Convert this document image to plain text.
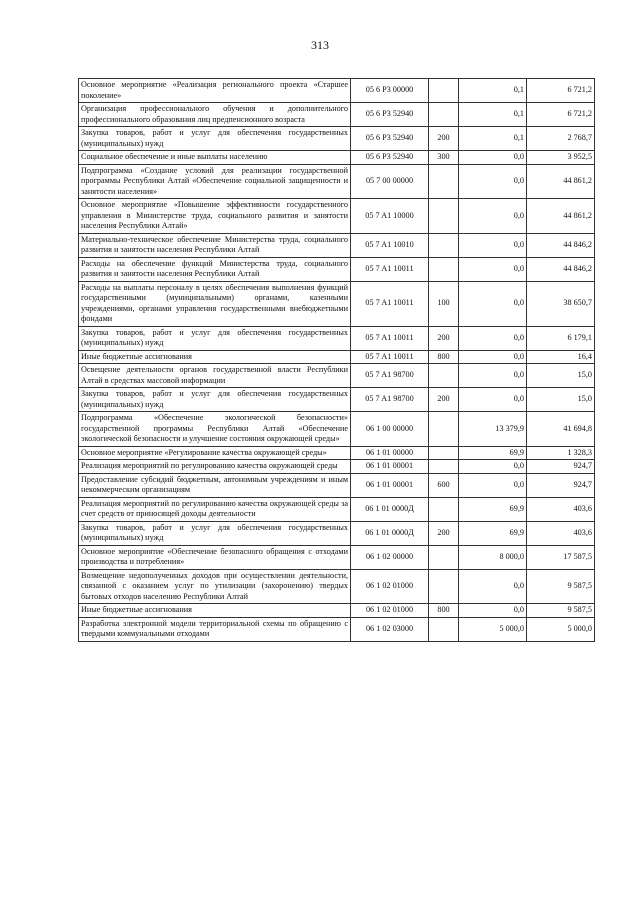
313
Основное мероприятие «Реализация регионального проекта «Старшее поколение»	05 6 P3 00000		0,1	6 721,2
Организация профессионального обучения и дополнительного профессионального образования лиц предпенсионного возраста	05 6 P3 52940		0,1	6 721,2
Закупка товаров, работ и услуг для обеспечения государственных (муниципальных) нужд	05 6 P3 52940	200	0,1	2 768,7
Социальное обеспечение и иные выплаты населению	05 6 P3 52940	300	0,0	3 952,5
Подпрограмма «Создание условий для реализации государственной программы Республики Алтай «Обеспечение социальной защищенности и занятости населения»	05 7 00 00000		0,0	44 861,2
Основное мероприятие «Повышение эффективности государственного управления в Министерстве труда, социального развития и занятости населения Республики Алтай»	05 7 A1 10000		0,0	44 861,2
Материально-техническое обеспечение Министерства труда, социального развития и занятости населения Республики Алтай	05 7 A1 10010		0,0	44 846,2
Расходы на обеспечение функций Министерства труда, социального развития и занятости населения Республики Алтай	05 7 A1 10011		0,0	44 846,2
Расходы на выплаты персоналу в целях обеспечения выполнения функций государственными (муниципальными) органами, казенными учреждениями, органами управления государственными внебюджетными фондами	05 7 A1 10011	100	0,0	38 650,7
Закупка товаров, работ и услуг для обеспечения государственных (муниципальных) нужд	05 7 A1 10011	200	0,0	6 179,1
Иные бюджетные ассигнования	05 7 A1 10011	800	0,0	16,4
Освещение деятельности органов государственной власти Республики Алтай в средствах массовой информации	05 7 A1 98700		0,0	15,0
Закупка товаров, работ и услуг для обеспечения государственных (муниципальных) нужд	05 7 A1 98700	200	0,0	15,0
Подпрограмма «Обеспечение экологической безопасности» государственной программы Республики Алтай «Обеспечение экологической безопасности и улучшение состояния окружающей среды»	06 1 00 00000		13 379,9	41 694,8
Основное мероприятие «Регулирование качества окружающей среды»	06 1 01 00000		69,9	1 328,3
Реализация мероприятий по регулированию качества окружающей среды	06 1 01 00001		0,0	924,7
Предоставление субсидий бюджетным, автономным учреждениям и иным некоммерческим организациям	06 1 01 00001	600	0,0	924,7
Реализация мероприятий по регулированию качества окружающей среды за счет средств от приносящей доходы деятельности	06 1 01 0000Д		69,9	403,6
Закупка товаров, работ и услуг для обеспечения государственных (муниципальных) нужд	06 1 01 0000Д	200	69,9	403,6
Основное мероприятие «Обеспечение безопасного обращения с отходами производства и потребления»	06 1 02 00000		8 000,0	17 587,5
Возмещение недополученных доходов при осуществлении деятельности, связанной с оказанием услуг по утилизации (захоронению) твердых бытовых отходов населению Республики Алтай	06 1 02 01000		0,0	9 587,5
Иные бюджетные ассигнования	06 1 02 01000	800	0,0	9 587,5
Разработка электронной модели территориальной схемы по обращению с твердыми коммунальными отходами	06 1 02 03000		5 000,0	5 000,0
